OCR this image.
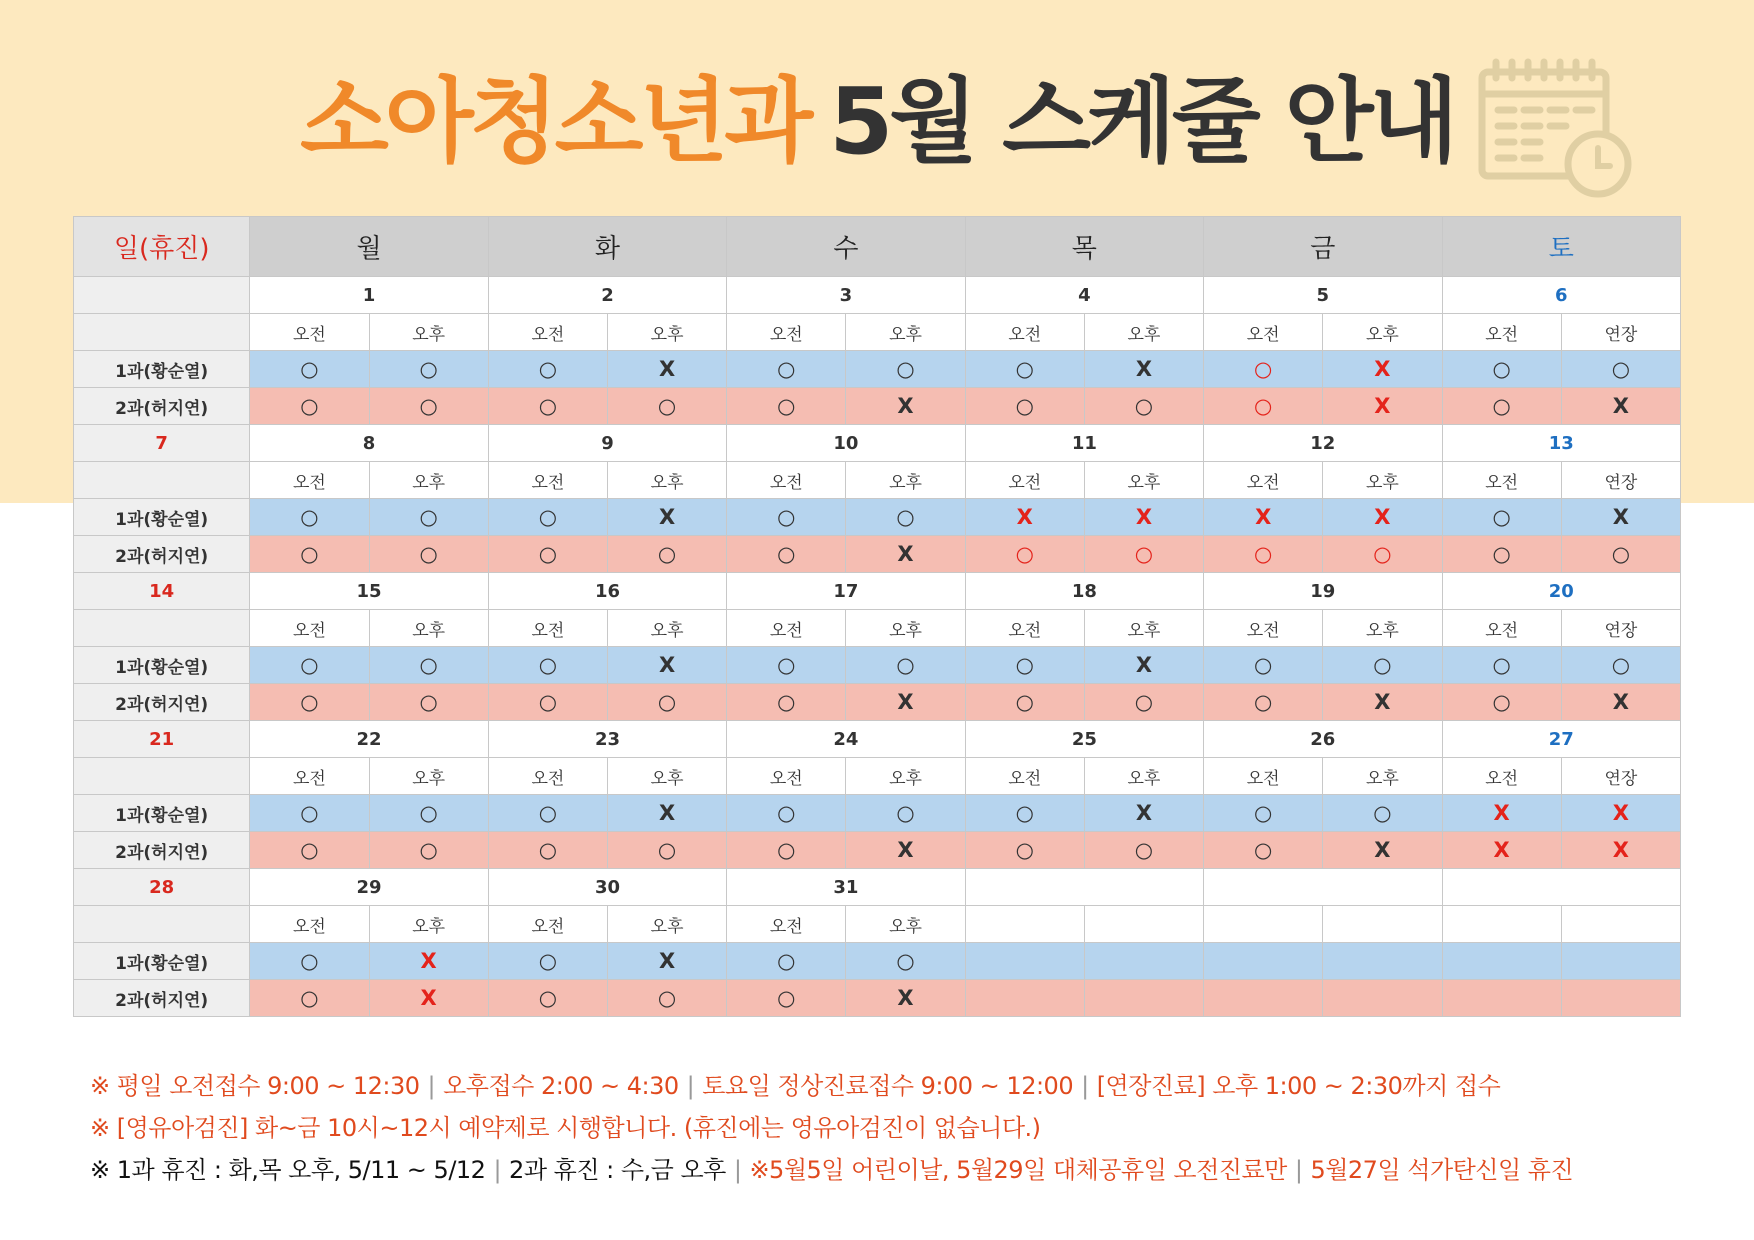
소아청소년과 5월 스케쥴 안내
일(휴진)	월		화		수		목		금		토	
	1		2		3		4		5		6	
	오전	오후	오전	오후	오전	오후	오전	오후	오전	오후	오전	연장
1과(황순열)	○	○	○	X	○	○	○	X	○	X	○	○
2과(허지연)	○	○	○	○	○	X	○	○	○	X	○	X
7	8		9		10		11		12		13	
	오전	오후	오전	오후	오전	오후	오전	오후	오전	오후	오전	연장
1과(황순열)	○	○	○	X	○	○	X	X	X	X	○	X
2과(허지연)	○	○	○	○	○	X	○	○	○	○	○	○
14	15		16		17		18		19		20	
	오전	오후	오전	오후	오전	오후	오전	오후	오전	오후	오전	연장
1과(황순열)	○	○	○	X	○	○	○	X	○	○	○	○
2과(허지연)	○	○	○	○	○	X	○	○	○	X	○	X
21	22		23		24		25		26		27	
	오전	오후	오전	오후	오전	오후	오전	오후	오전	오후	오전	연장
1과(황순열)	○	○	○	X	○	○	○	X	○	○	X	X
2과(허지연)	○	○	○	○	○	X	○	○	○	X	X	X
28	29		30		31							
	오전	오후	오전	오후	오전	오후						
1과(황순열)	○	X	○	X	○	○						
2과(허지연)	○	X	○	○	○	X						
※ 평일 오전접수 9:00 ~ 12:30 | 오후접수 2:00 ~ 4:30 | 토요일 정상진료접수 9:00 ~ 12:00 | [연장진료] 오후 1:00 ~ 2:30까지 접수
※ [영유아검진] 화~금 10시~12시 예약제로 시행합니다. (휴진에는 영유아검진이 없습니다.)
※ 1과 휴진 : 화,목 오후, 5/11 ~ 5/12 | 2과 휴진 : 수,금 오후 | ※5월5일 어린이날, 5월29일 대체공휴일 오전진료만 | 5월27일 석가탄신일 휴진
